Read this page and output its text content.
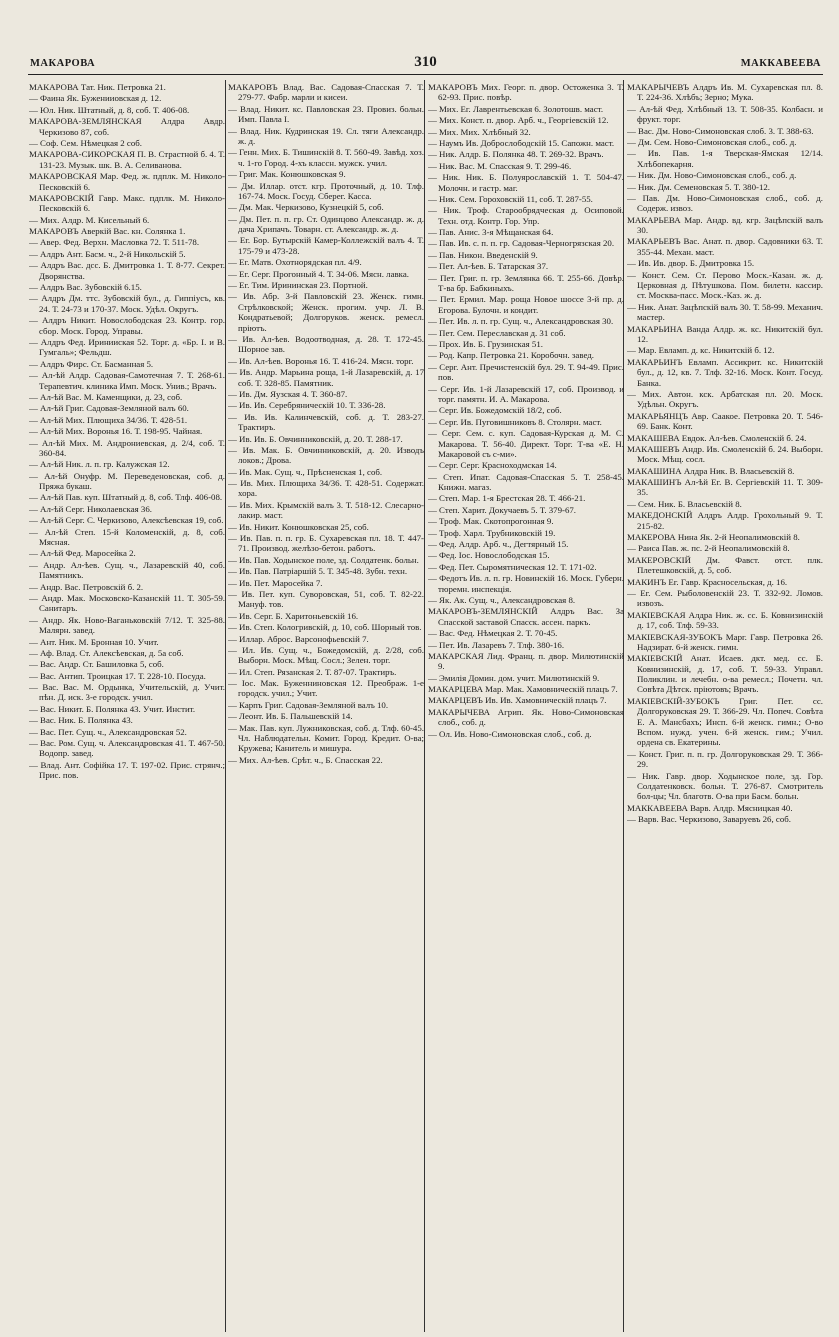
МАКАРОВА	310	МАККАВЕЕВА
МАКАРОВА Тат. Ник. Петровка 21.
— Фаина Як. Буженииовская д. 12.
— Юл. Ник. Штатный, д. 8, соб. Т. 406-08.
МАКАРОВА-ЗЕМЛЯНСКАЯ Алдра Авдр. Черкизово 87, соб.
— Соф. Сем. Нѣмецкая 2 соб.
МАКАРОВА-СИКОРСКАЯ П. В. Страстной б. 4. Т. 131-23. Музык. шк. В. А. Селивановa.
МАКАРОВСКАЯ Мар. Фед. ж. пдплк. М. Николо-Песковскій 6.
МАКАРОВСКІЙ Гавр. Макс. пдплк. М. Николо-Песковскій 6.
— Мих. Алдр. М. Кисельный 6.
МАКАРОВЪ Аверкій Вас. кн. Солянка 1.
— Авер. Фед. Верхн. Масловка 72. Т. 511-78.
— Алдръ Ант. Басм. ч., 2-й Никольскій 5.
— Алдръ Вас. дсс. Б. Дмитровка 1. Т. 8-77. Секрет. Дворянства.
— Алдръ Вас. Зубовскій 6.15.
— Алдръ Дм. ттс. Зубовскій бул., д. Гиппіусъ, кв. 24. Т. 24-73 и 170-37. Моск. Удѣл. Округъ.
— Алдръ Никит. Новослободская 23. Контр. гор. сбор. Моск. Город. Управы.
— Алдръ Фед. Иринииская 52. Торг. д. «Бр. І. и В. Гумгаль»; Фельдш.
— Алдръ Фирс. Ст. Басманная 5.
— Ал-ѣй Алдр. Садовая-Самотечная 7. Т. 268-61. Терапевтич. клиника Имп. Моск. Унив.; Врачъ.
— Ал-ѣй Вас. М. Каменщики, д. 23, соб.
— Ал-ѣй Григ. Садовая-Земляной валъ 60.
— Ал-ѣй Мих. Плющиха 34/36. Т. 428-51.
— Ал-ѣй Мих. Воронья 16. Т. 198-95. Чайная.
— Ал-ѣй Мих. М. Андрониевская, д. 2/4, соб. Т. 360-84.
— Ал-ѣй Ник. л. п. гр. Калужская 12.
— Ал-ѣй Онуфр. М. Переведеновская, соб. д. Пряжа букаш.
— Ал-ѣй Пав. куп. Штатный д. 8, соб. Тлф. 406-08.
— Ал-ѣй Серг. Николаевская 36.
— Ал-ѣй Серг. С. Черкизово, Алексѣевская 19, соб.
— Ал-ѣй Степ. 15-й Коломенскій, д. 8, соб. Мясная.
— Ал-ѣй Фед. Маросейка 2.
— Андр. Ал-ѣев. Сущ. ч., Лазаревскій 40, соб. Памятникъ.
— Андр. Вас. Петровскій б. 2.
— Андр. Мак. Московско-Казанскій 11. Т. 305-59. Санитаръ.
— Андр. Як. Ново-Ваганьковскій 7/12. Т. 325-88. Малярн. завед.
— Ант. Ник. М. Бронная 10. Учит.
— Аф. Влад. Ст. Алексѣевская, д. 5а соб.
— Вас. Андр. Ст. Башиловка 5, соб.
— Вас. Антип. Троицкая 17. Т. 228-10. Посуда.
— Вас. Вас. М. Ордынка, Учительскій, д. Учит. пѣн. Д. иск. 3-е городск. учил.
— Вас. Никит. Б. Полянка 43. Учит. Инстит.
— Вас. Ник. Б. Полянка 43.
— Вас. Пет. Сущ. ч., Александровская 52.
— Вас. Ром. Сущ. ч. Александровская 41. Т. 467-50. Водопр. завед.
— Влад. Ант. Софійка 17. Т. 197-02. Прис. стрянч.; Прис. пов.
МАКАРОВЪ Влад. Вас. Садовая-Спасская 7. Т. 279-77. Фабр. марли и кисеи.
— Влад. Никит. кс. Павловская 23. Провиз. больн. Имп. Павла І.
— Влад. Ник. Кудринская 19. Сл. тяги Александр. ж. д.
— Генн. Мих. Б. Тишинскій 8. Т. 560-49. Завѣд. хоз. ч. 1-го Город. 4-хъ классн. мужск. учил.
— Григ. Мак. Конюшковская 9.
— Дм. Иллар. отст. кгр. Проточный, д. 10. Тлф. 167-74. Моск. Госуд. Сберег. Касса.
— Дм. Мак. Черкизово, Кузнецкій 5, соб.
— Дм. Пет. п. п. гр. Ст. Одинцово Александр. ж. д. дача Хрипачъ. Товарн. ст. Александр. ж. д.
— Ег. Бор. Бутырскій Камер-Коллежскій валъ 4. Т. 175-79 и 473-28.
— Ег. Матв. Охотнорядская пл. 4/9.
— Ег. Серг. Прогонный 4. Т. 34-06. Мясн. лавка.
— Ег. Тим. Ирининская 23. Портной.
— Ив. Абр. 3-й Павловскій 23. Женск. гимн. Стрѣлковской; Женск. прогим. учр. Л. В. Кондратьевой; Долгоруков. женск. ремесл. пріютъ.
— Ив. Ал-ѣев. Водоотводная, д. 28. Т. 172-45. Шорное зав.
— Ив. Ал-ѣев. Воронья 16. Т. 416-24. Мясн. торг.
— Ив. Андр. Марьина роща, 1-й Лазаревскій, д. 17 соб. Т. 328-85. Памятник.
— Ив. Дм. Яузская 4. Т. 360-87.
— Ив. Ив. Серебряническій 10. Т. 336-28.
— Ив. Ив. Калинчевскій, соб. д. Т. 283-27. Трактиръ.
— Ив. Ив. Б. Овчинниковскій, д. 20. Т. 288-17.
— Ив. Мак. Б. Овчинниковскій, д. 20. Изводъ локов.; Дрова.
— Ив. Мак. Сущ. ч., Прѣсненская 1, соб.
— Ив. Мих. Плющиха 34/36. Т. 428-51. Содержат. хора.
— Ив. Мих. Крымскій валъ 3. Т. 518-12. Слесарно-лакир. маст.
— Ив. Никит. Конюшковская 25, соб.
— Ив. Пав. п. п. гр. Б. Сухаревская пл. 18. Т. 447-71. Производ. желѣзо-бетон. работъ.
— Ив. Пав. Ходынское поле, зд. Солдатенк. больн.
— Ив. Пав. Патріаршій 5. Т. 345-48. Зубн. техн.
— Ив. Пет. Маросейка 7.
— Ив. Пет. куп. Суворовская, 51, соб. Т. 82-22. Мануф. тов.
— Ив. Серг. Б. Харитоньевскій 16.
— Ив. Степ. Кологривскій, д. 10, соб. Шорный тов.
— Иллар. Аброс. Варсонофьевскій 7.
— Ил. Ив. Сущ. ч., Божедомскій, д. 2/28, соб. Выборн. Моск. Мѣщ. Сосл.; Зелен. торг.
— Ил. Степ. Рязанская 2. Т. 87-07. Трактиръ.
— Іос. Мак. Буженниновская 12. Преображ. 1-е городск. учил.; Учит.
— Карпъ Григ. Садовая-Земляной валъ 10.
— Леонт. Ив. Б. Пальшевскій 14.
— Мак. Пав. куп. Лужниковская, соб. д. Тлф. 60-45. Чл. Наблюдательн. Комит. Город. Кредит. О-ва; Кружева; Канитель и мишура.
— Мих. Ал-ѣев. Срѣт. ч., Б. Спасская 22.
МАКАРОВЪ Мих. Георг. п. двор. Остоженка 3. Т. 62-93. Прис. повѣр.
— Мих. Ег. Лаврентьевская 6. Золотошв. маст.
— Мих. Конст. п. двор. Арб. ч., Георгіевскій 12.
— Мих. Мих. Хлѣбный 32.
— Наумъ Ив. Доброслободскій 15. Сапожн. маст.
— Ник. Алдр. Б. Полянка 48. Т. 269-32. Врачъ.
— Ник. Вас. М. Спасская 9. Т. 299-46.
— Ник. Ник. Б. Полуярославскій 1. Т. 504-47. Молочн. и гастр. маг.
— Ник. Сем. Гороховскій 11, соб. Т. 287-55.
— Ник. Троф. Старообрядческая д. Осиповой. Техн. отд. Контр. Гор. Упр.
— Пав. Анис. 3-я Мѣщанская 64.
— Пав. Ив. с. п. п. гр. Садовая-Черногрязская 20.
— Пав. Никон. Введенскій 9.
— Пет. Ал-ѣев. Б. Татарская 37.
— Пет. Григ. п. гр. Землянка 66. Т. 255-66. Довѣр. Т-ва бр. Бабкиныхъ.
— Пет. Ермил. Мар. роща Новое шоссе 3-й пр. д. Егорова. Булочн. и кондит.
— Пет. Ив. л. п. гр. Сущ. ч., Александровская 30.
— Пет. Сем. Переславская д. 31 соб.
— Прох. Ив. Б. Грузинская 51.
— Род. Капр. Петровка 21. Коробочн. завед.
— Серг. Ант. Пречистенскій бул. 29. Т. 94-49. Прис. пов.
— Серг. Ив. 1-й Лазаревскій 17, соб. Производ. и торг. памятн. И. А. Макарова.
— Серг. Ив. Божедомскій 18/2, соб.
— Серг. Ив. Пуговишниковъ 8. Столярн. маст.
— Серг. Сем. с. куп. Садовая-Курская д. М. С. Макарова. Т. 56-40. Директ. Торг. Т-ва «Е. Н. Макаровой съ с-ми».
— Серг. Серг. Красноходмская 14.
— Степ. Ипат. Садовая-Спасская 5. Т. 258-45. Книжн. магаз.
— Степ. Мар. 1-я Брестская 28. Т. 466-21.
— Степ. Харит. Докучаевъ 5. Т. 379-67.
— Троф. Мак. Скотопрогонная 9.
— Троф. Харл. Трубниковскій 19.
— Фед. Алдр. Арб. ч., Дегтярный 15.
— Фед. Іос. Новослободская 15.
— Фед. Пет. Сыромятническая 12. Т. 171-02.
— Федотъ Ив. л. п. гр. Новинскій 16. Моск. Губерн. тюремн. инспекція.
— Як. Ак. Сущ. ч., Александровская 8.
МАКАРОВЪ-ЗЕМЛЯНСКІЙ Алдръ Вас. За Спасской заставой Спасск. ассен. паркъ.
— Вас. Фед. Нѣмецкая 2. Т. 70-45.
— Пет. Ив. Лазаревъ 7. Тлф. 380-16.
МАКАРСКАЯ Лид. Франц. п. двор. Милютинскій 9.
— Эмилія Домин. дом. учит. Милютинскій 9.
МАКАРЦЕВА Мар. Мак. Хамовническій плацъ 7.
МАКАРЦЕВЪ Ив. Ив. Хамовническій плацъ 7.
МАКАРЫЧЕВА Агрип. Як. Ново-Симоновская слоб., соб. д.
— Ол. Ив. Ново-Симоновская слоб., соб. д.
МАКАРЫЧЕВЪ Алдръ Ив. М. Сухаревская пл. 8. Т. 224-36. Хлѣбъ; Зерно; Мука.
— Ал-ѣй Фед. Хлѣбный 13. Т. 508-35. Колбасн. и фрукт. торг.
— Вас. Дм. Ново-Симоновская слоб. 3. Т. 388-63.
— Дм. Сем. Ново-Симоновская слоб., соб. д.
— Ив. Пав. 1-я Тверская-Ямская 12/14. Хлѣбопекарня.
— Ник. Дм. Ново-Симоновская слоб., соб. д.
— Ник. Дм. Семеновская 5. Т. 380-12.
— Пав. Дм. Ново-Симоновская слоб., соб. д. Содерж. извоз.
МАКАРЬЕВА Мар. Андр. вд. кгр. Зацѣпскій валъ 30.
МАКАРЬЕВЪ Вас. Анат. п. двор. Садовники 63. Т. 355-44. Механ. маст.
— Ив. Ив. двор. Б. Дмитровка 15.
— Конст. Сем. Ст. Перово Моск.-Казан. ж. д. Церковная д. Пѣтушкова. Пом. билетн. кассир. ст. Москва-пасс. Моск.-Каз. ж. д.
— Ник. Анат. Зацѣпскій валъ 30. Т. 58-99. Механич. мастер.
МАКАРЬИНА Ванда Алдр. ж. кс. Никитскій бул. 12.
— Мар. Евламп. д. кс. Никитскій б. 12.
МАКАРЬИНЪ Евламп. Ассикрит. кс. Никитскій бул., д. 12, кв. 7. Тлф. 32-16. Моск. Конт. Госуд. Банка.
— Мих. Автон. кск. Арбатская пл. 20. Моск. Удѣльн. Округъ.
МАКАРЬЯНЦЪ Авр. Саакое. Петровка 20. Т. 546-69. Банк. Конт.
МАКАШЕВА Евдок. Ал-ѣев. Смоленскій б. 24.
МАКАШЕВЪ Андр. Ив. Смоленскій б. 24. Выборн. Моск. Мѣщ. сосл.
МАКАШИНА Алдра Ник. В. Власьевскій 8.
МАКАШИНЪ Ал-ѣй Ег. В. Сергіевскій 11. Т. 309-35.
— Сем. Ник. Б. Власьевскій 8.
МАКЕДОНСКІЙ Алдръ Алдр. Грохольный 9. Т. 215-82.
МАКЕРОВА Нина Як. 2-й Неопалимовскій 8.
— Раиса Пав. ж. пс. 2-й Неопалимовскій 8.
МАКЕРОВСКІЙ Дм. Фавст. отст. плк. Плетешковскій, д. 5, соб.
МАКИНЪ Ег. Гавр. Красносельская, д. 16.
— Ег. Сем. Рыболовенскій 23. Т. 332-92. Ломов. извозъ.
МАКІЕВСКАЯ Алдра Ник. ж. сс. Б. Ковнизинскій д. 17, соб. Тлф. 59-33.
МАКІЕВСКАЯ-ЗУБОКЪ Марг. Гавр. Петровка 26. Надзират. 6-й женск. гимн.
МАКІЕВСКІЙ Анат. Исаев. дкт. мед. сс. Б. Ковнизинскій, д. 17, соб. Т. 59-33. Управл. Поликлин. и лечебн. о-ва ремесл.; Почетн. чл. Совѣта Дѣтск. пріютовъ; Врачъ.
МАКІЕВСКІЙ-ЗУБОКЪ Григ. Пет. сс. Долгоруковская 29. Т. 366-29. Чл. Попеч. Совѣта Е. А. Мансбахъ; Инсп. 6-й женск. гимн.; О-во Вспом. нужд. учен. 6-й женск. гим.; Учил. ордена св. Екатерины.
— Конст. Григ. п. п. гр. Долгоруковская 29. Т. 366-29.
— Ник. Гавр. двор. Ходынское поле, зд. Гор. Солдатенковск. больн. Т. 276-87. Смотритель бол-цы; Чл. благотв. О-ва при Басм. больн.
МАККАВЕЕВА Варв. Алдр. Мясницкая 40.
— Варв. Вас. Черкизово, Заваруевъ 26, соб.
